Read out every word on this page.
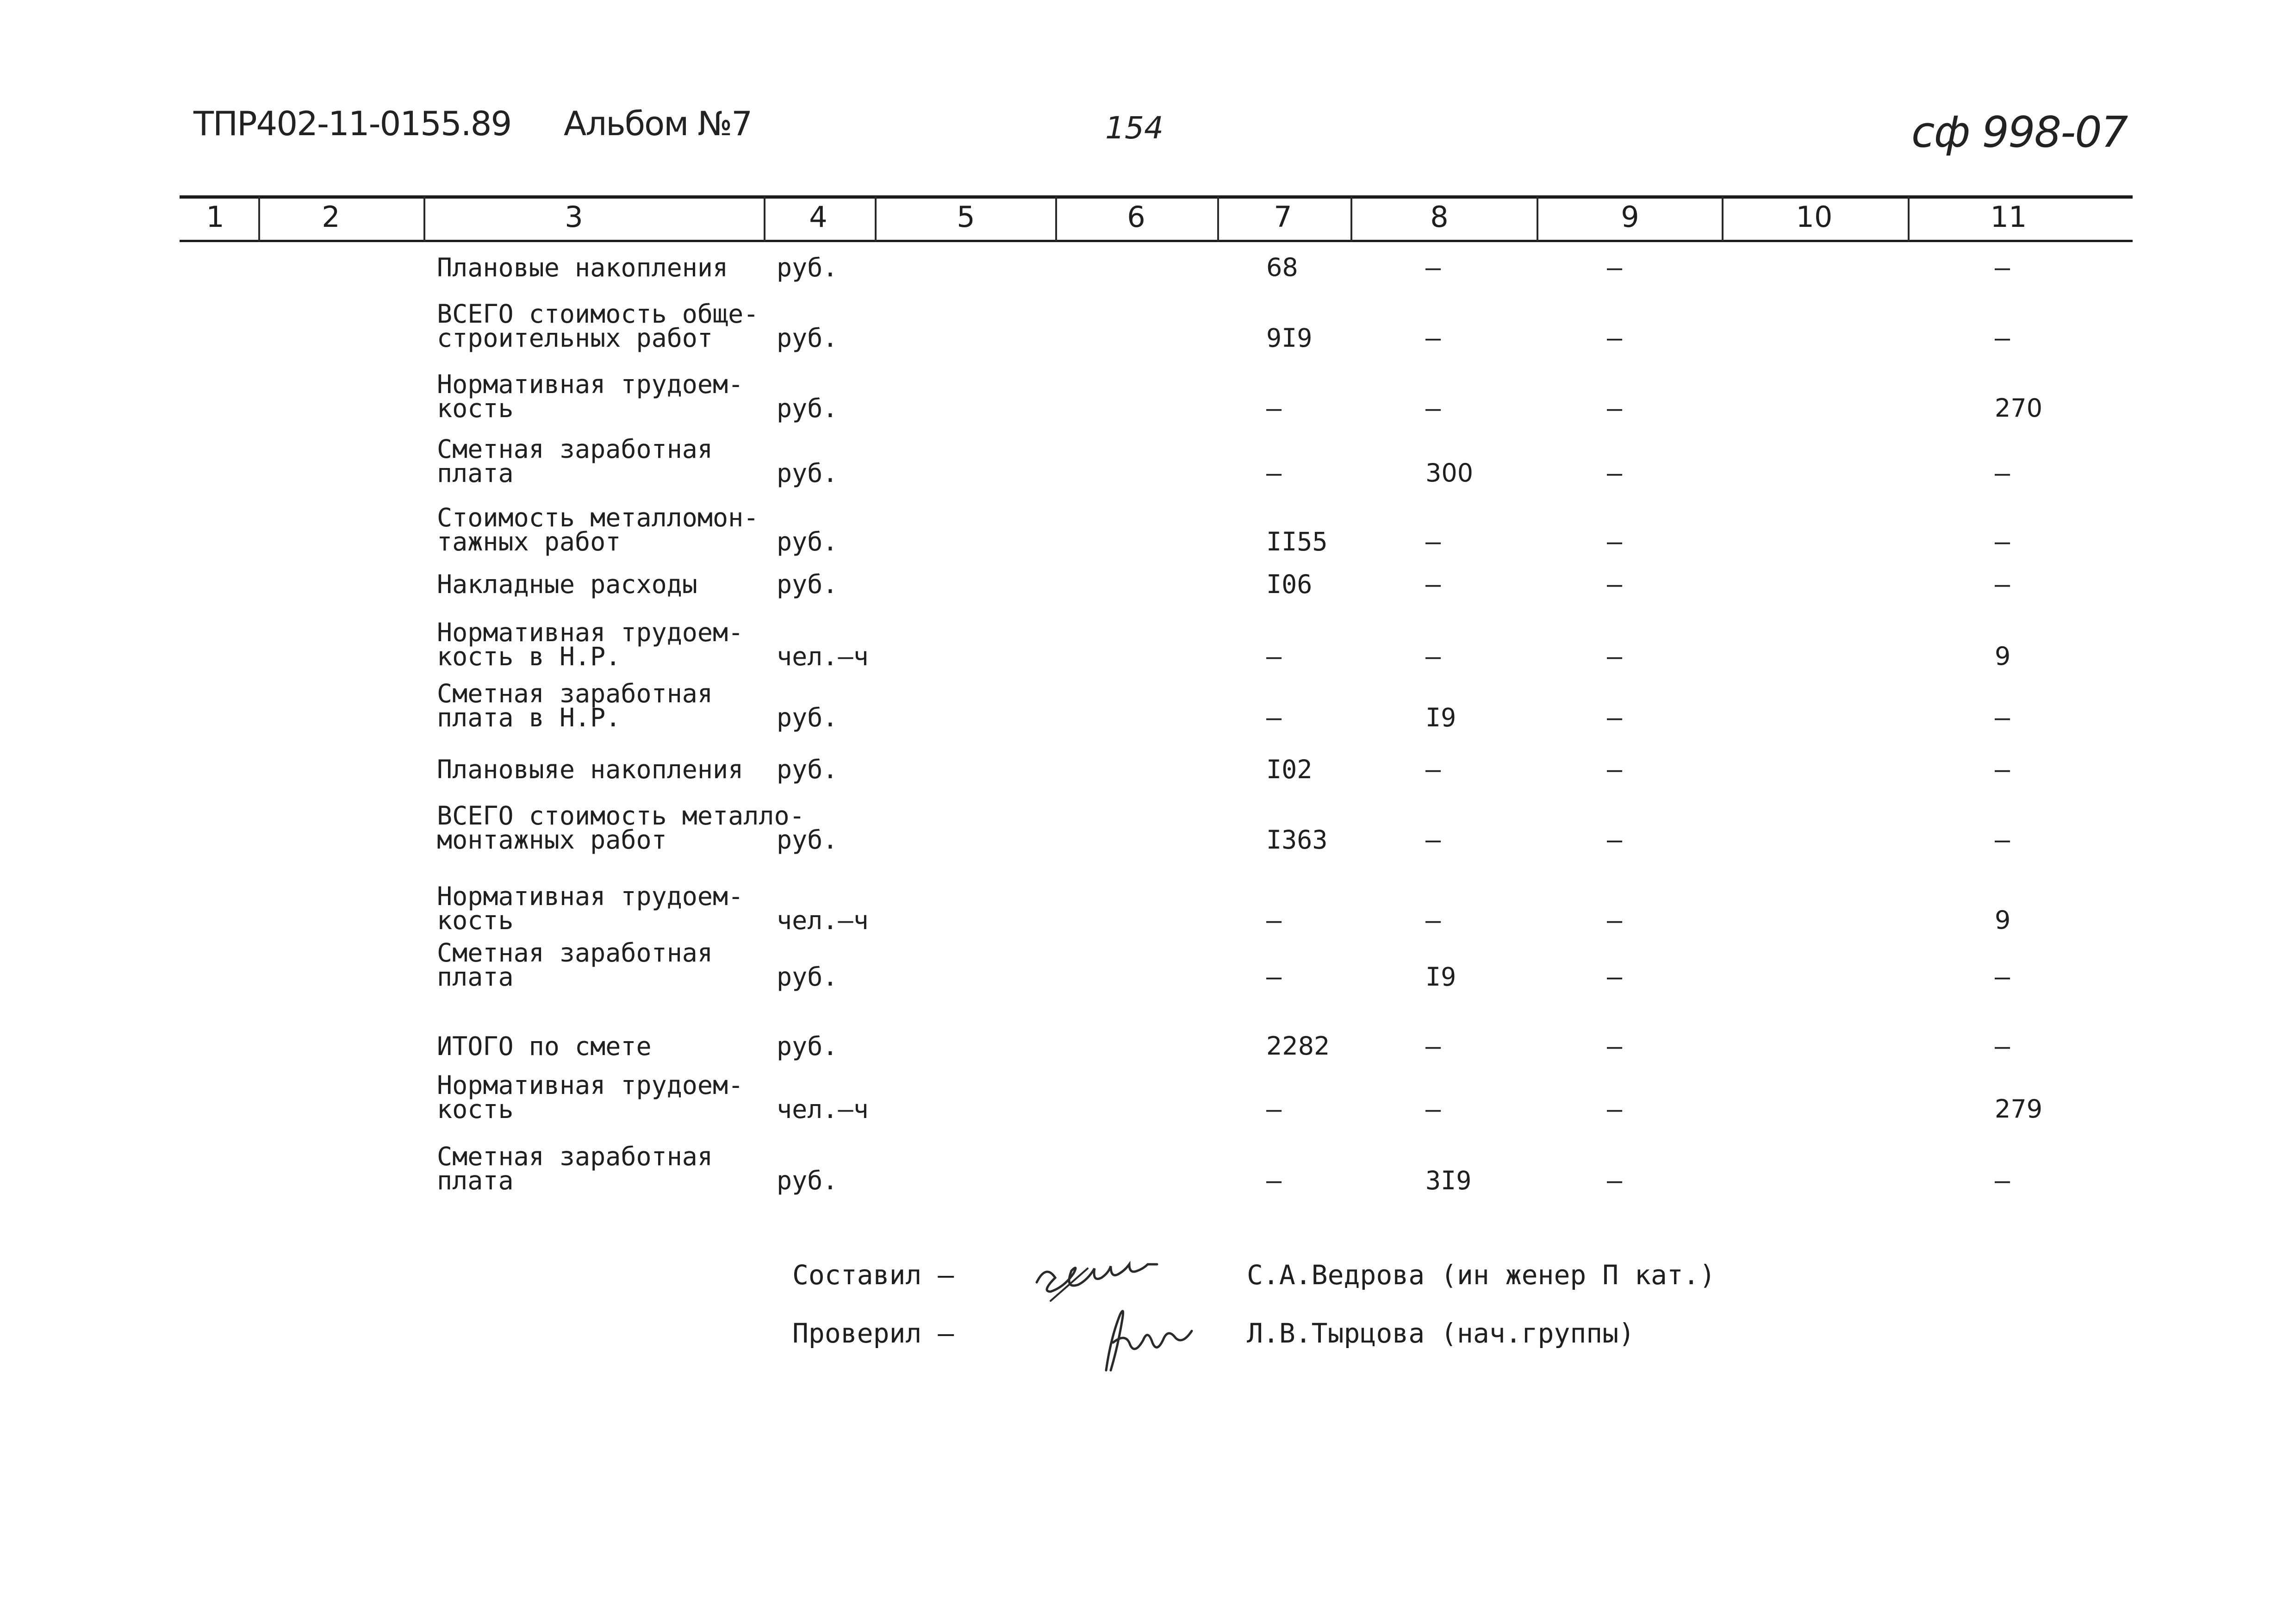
ТПР402-11-0155.89 Альбом №7	154	сф 998-07
1	2	3	4	5	6	7	8	9	10	11
Плановые накопления руб.	68	–	–	–
ВСЕГО стоимость обще-
строительных работ	руб.	9I9	–	–	–
Нормативная трудоем-
кость	руб.	–	–	–	270
Сметная заработная
плата	руб.	–	300	–	–
Стоимость металломон-
тажных работ	руб.	II55	–	–	–
Накладные расходы	руб.	I06	–	–	–
Нормативная трудоем-
кость в Н.Р.	чел.–ч	–	–	–	9
Сметная заработная
плата в Н.Р.	руб.	–	I9	–	–
Плановыяе накопления руб.	I02	–	–	–
ВСЕГО стоимость металло-
монтажных работ	руб.	I363	–	–	–
Нормативная трудоем-
кость	чел.–ч	–	–	–	9
Сметная заработная
плата	руб.	–	I9	–	–
ИТОГО по смете	руб.	2282	–	–	–
Нормативная трудоем-
кость	чел.–ч	–	–	–	279
Сметная заработная
плата	руб.	–	3I9	–	–
Составил –	С.А.Ведрова (ин женер П кат.)
Проверил –	Л.В.Тырцова (нач.группы)
